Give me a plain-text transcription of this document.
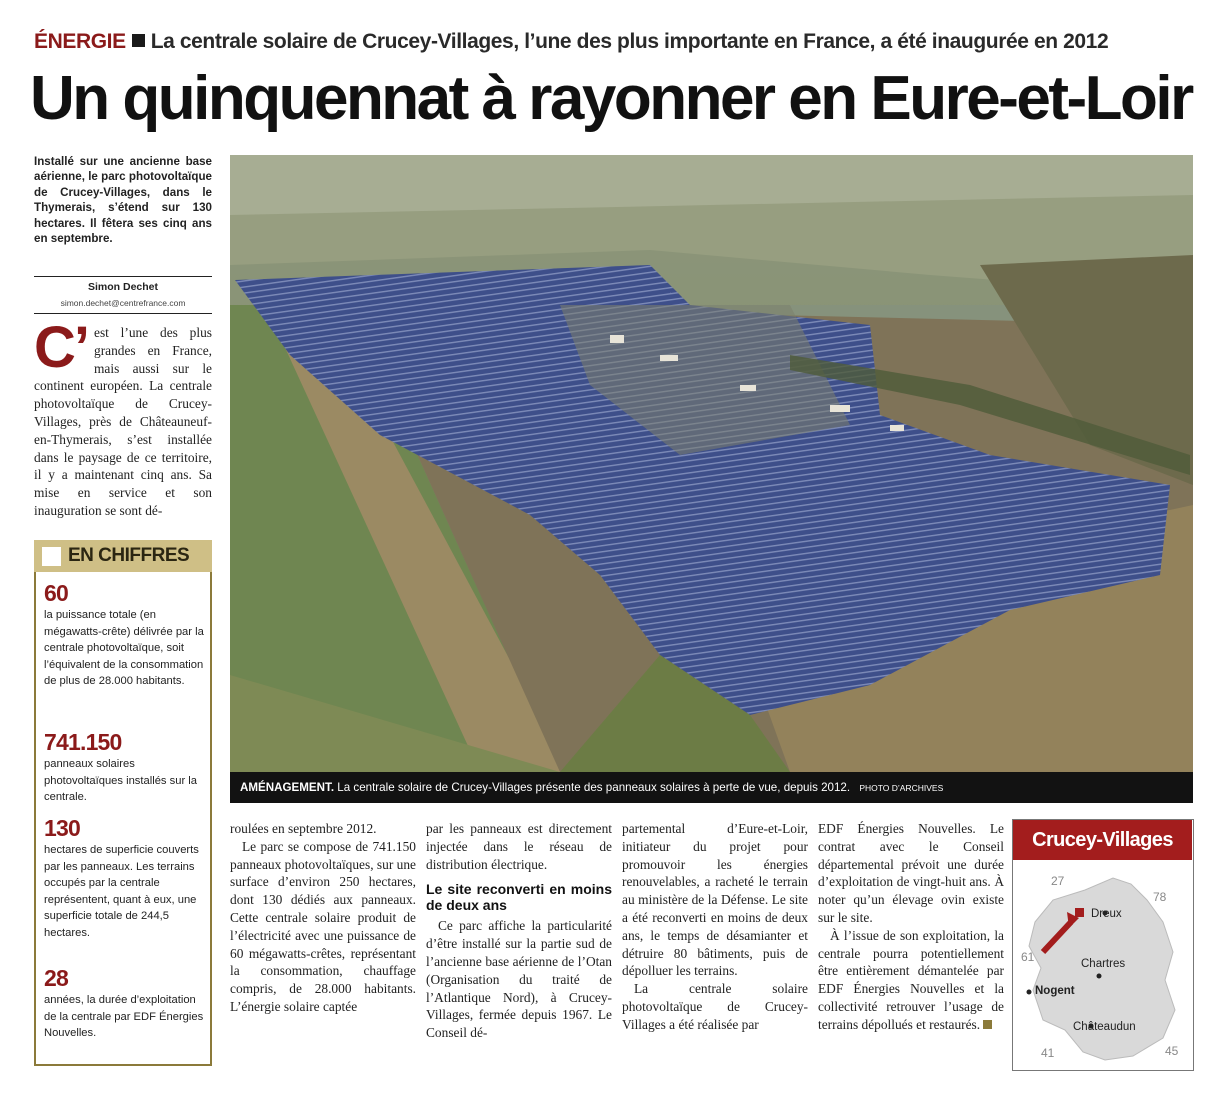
ÉNERGIE La centrale solaire de Crucey-Villages, l’une des plus importante en France, a été inaugurée en 2012
Un quinquennat à rayonner en Eure-et-Loir
Installé sur une ancienne base aérienne, le parc photovoltaïque de Crucey-Villages, dans le Thymerais, s’étend sur 130 hectares. Il fêtera ses cinq ans en septembre.
Simon Dechet
simon.dechet@centrefrance.com
est l’une des plus grandes en France, mais aussi sur le continent européen. La centrale photovoltaïque de Crucey-Villages, près de Châteauneuf-en-Thymerais, s’est installée dans le paysage de ce territoire, il y a maintenant cinq ans. Sa mise en service et son inauguration se sont dé-
C’
EN CHIFFRES
60
la puissance totale (en mégawatts-crête) délivrée par la centrale photovoltaïque, soit l’équivalent de la consommation de plus de 28.000 habitants.
741.150
panneaux solaires photovoltaïques installés sur la centrale.
130
hectares de superficie couverts par les panneaux. Les terrains occupés par la centrale représentent, quant à eux, une superficie totale de 244,5 hectares.
28
années, la durée d’exploitation de la centrale par EDF Énergies Nouvelles.
AMÉNAGEMENT. La centrale solaire de Crucey-Villages présente des panneaux solaires à perte de vue, depuis 2012. PHOTO D’ARCHIVES

roulées en septembre 2012.

Le parc se compose de 741.150 panneaux photovoltaïques, sur une surface d’environ 250 hectares, dont 130 dédiés aux panneaux. Cette centrale solaire produit de l’électricité avec une puissance de 60 mégawatts-crêtes, représentant la consommation, chauffage compris, de 28.000 habitants. L’énergie solaire captée

par les panneaux est directement injectée dans le réseau de distribution électrique.

Le site reconverti en moins de deux ans

Ce parc affiche la particularité d’être installé sur la partie sud de l’ancienne base aérienne de l’Otan (Organisation du traité de l’Atlantique Nord), à Crucey-Villages, fermée depuis 1967. Le Conseil dé-

partemental d’Eure-et-Loir, initiateur du projet pour promouvoir les énergies renouvelables, a racheté le terrain au ministère de la Défense. Le site a été reconverti en moins de deux ans, le temps de désamianter et détruire 80 bâtiments, puis de dépolluer les terrains.

La centrale solaire photovoltaïque de Crucey-Villages a été réalisée par

EDF Énergies Nouvelles. Le contrat avec le Conseil départemental prévoit une durée d’exploitation de vingt-huit ans. À noter qu’un élevage ovin existe sur le site.

À l’issue de son exploitation, la centrale pourra potentiellement être entièrement démantelée par EDF Énergies Nouvelles et la collectivité retrouver l’usage de terrains dépollués et restaurés.

Crucey-Villages
27
78
61
41	45
Dreux
Chartres
Nogent
Châteaudun
